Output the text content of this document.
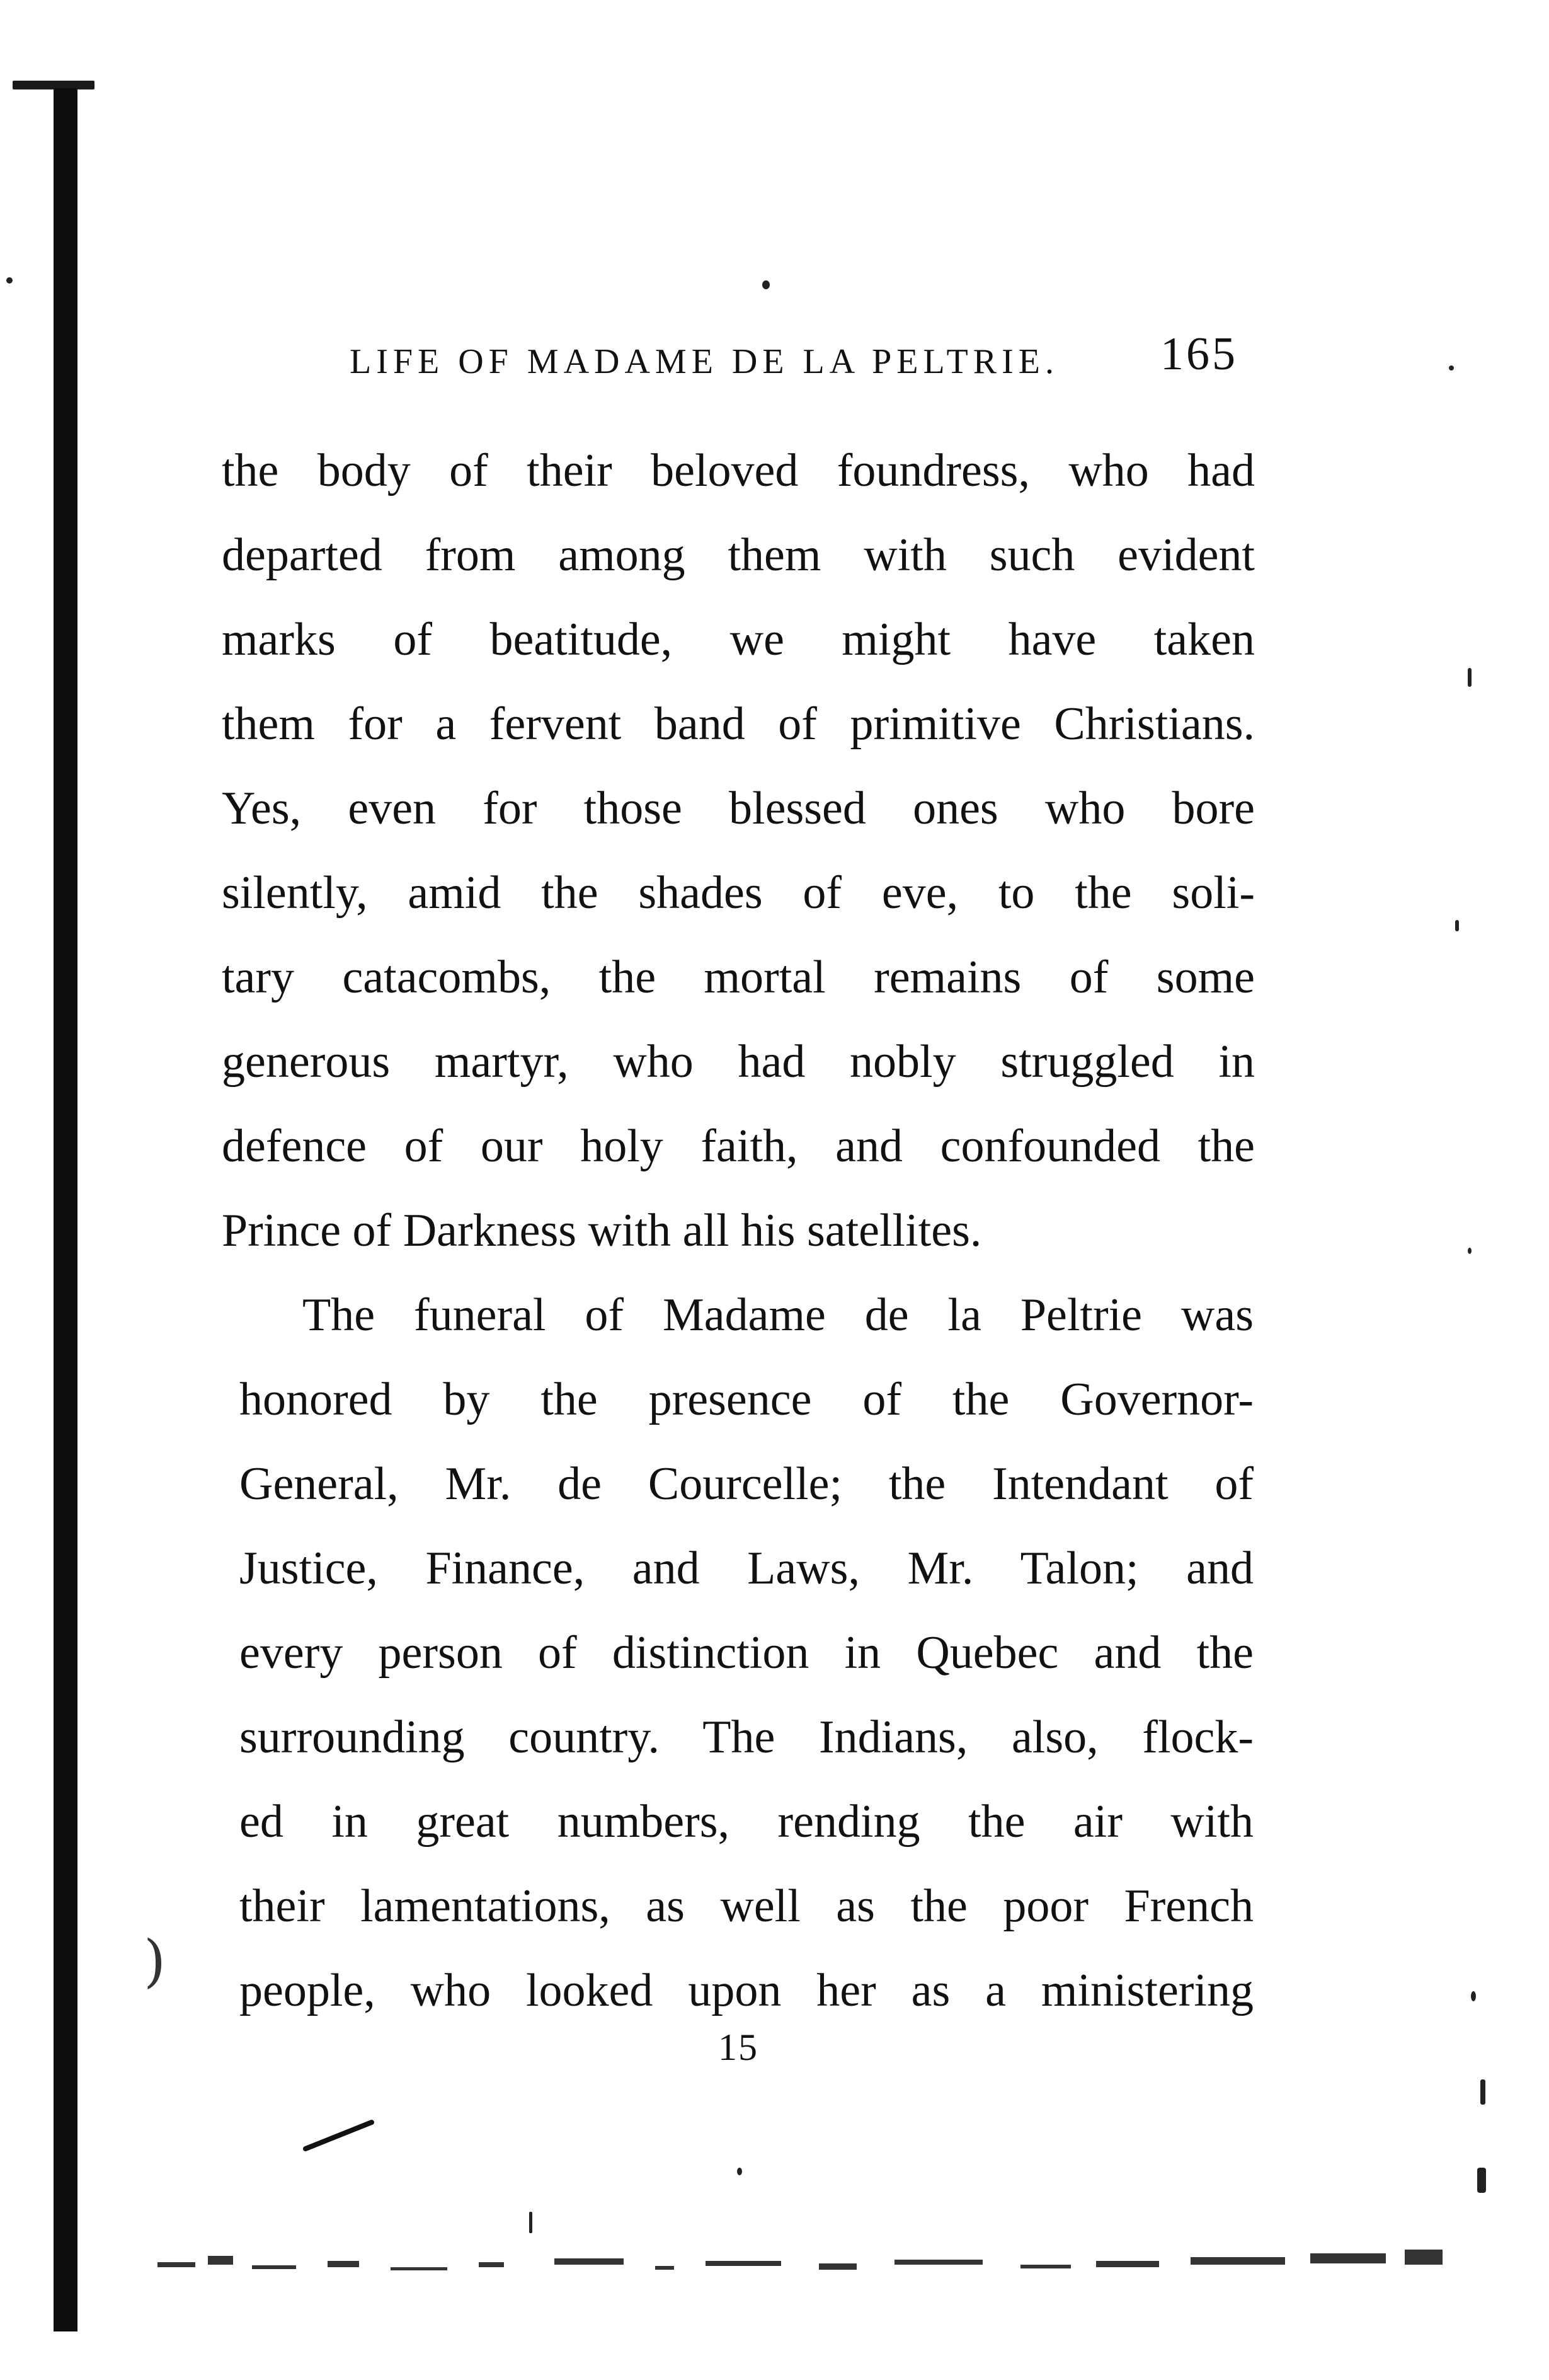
LIFE OF MADAME DE LA PELTRIE. 165
the body of their beloved foundress, who had
departed from among them with such evident
marks of beatitude, we might have taken
them for a fervent band of primitive Christians.
Yes, even for those blessed ones who bore
silently, amid the shades of eve, to the soli-
tary catacombs, the mortal remains of some
generous martyr, who had nobly struggled in
defence of our holy faith, and confounded the
Prince of Darkness with all his satellites.
The funeral of Madame de la Peltrie was
honored by the presence of the Governor-
General, Mr. de Courcelle; the Intendant of
Justice, Finance, and Laws, Mr. Talon; and
every person of distinction in Quebec and the
surrounding country. The Indians, also, flock-
ed in great numbers, rending the air with
their lamentations, as well as the poor French
people, who looked upon her as a ministering
)
15
